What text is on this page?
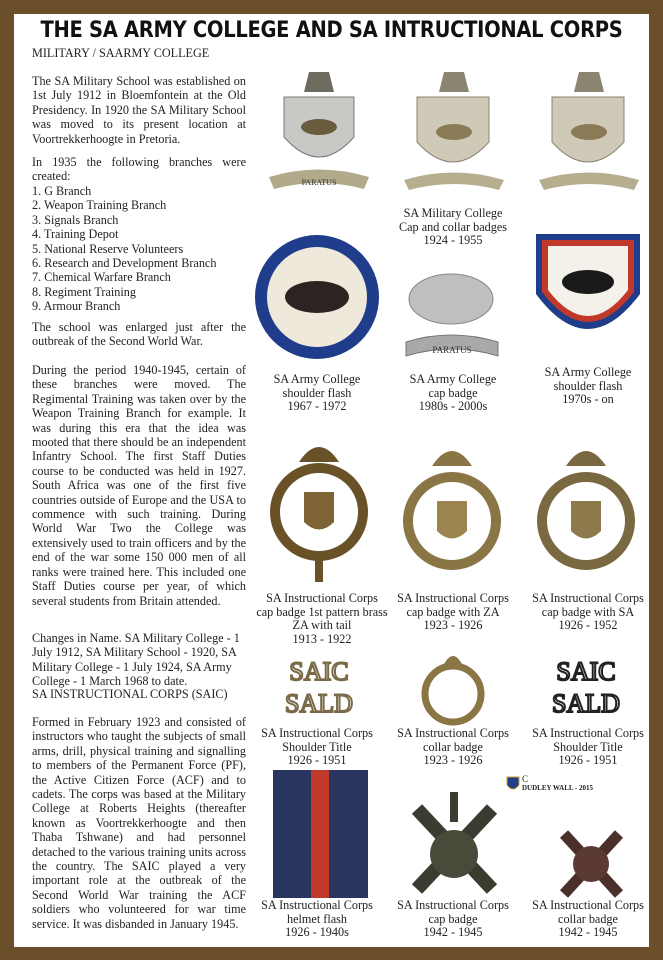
THE SA ARMY COLLEGE AND SA INTRUCTIONAL CORPS
MILITARY / SAARMY COLLEGE
The SA Military School was established on 1st July 1912 in Bloemfontein at the Old Presidency. In 1920 the SA Military School was moved to its present location at Voortrekkerhoogte in Pretoria.
In 1935 the following branches were created:
1. G Branch
2. Weapon Training Branch
3. Signals Branch
4. Training Depot
5. National Reserve Volunteers
6. Research and Development Branch
7. Chemical Warfare Branch
8. Regiment Training
9. Armour Branch
The school was enlarged just after the outbreak of the Second World War.
During the period 1940-1945, certain of these branches were moved. The Regimental Training was taken over by the Weapon Training Branch for example. It was during this era that the idea was mooted that there should be an independent Infantry School. The first Staff Duties course to be conducted was held in 1927. South Africa was one of the first five countries outside of Europe and the USA to commence with such training. During World War Two the College was extensively used to train officers and by the end of the war some 150 000 men of all ranks were trained here. This included one Staff Duties course per year, of which several students from Britain attended.
Changes in Name. SA Military College - 1 July 1912, SA Military School - 1920, SA Military College - 1 July 1924, SA Army College - 1 March 1968 to date.
SA INSTRUCTIONAL CORPS (SAIC)
Formed in February 1923 and consisted of instructors who taught the subjects of small arms, drill, physical training and signalling to members of the Permanent Force (PF), the Active Citizen Force (ACF) and to cadets. The corps was based at the Military College at Roberts Heights (thereafter known as Voortrekkerhoogte and then Thaba Tshwane) and had personnel detached to the various training units across the country. The SAIC played a very important role at the outbreak of the Second World War training the ACF soldiers who volunteered for war time service. It was disbanded in January 1945.
PARATUS
SA Military College
Cap and collar badges
1924 - 1955
PARATUS
SA Army College
shoulder flash
1967 - 1972
SA Army College
cap badge
1980s - 2000s
SA Army College
shoulder flash
1970s - on
SA Instructional Corps
cap badge 1st pattern brass
ZA with tail
1913 - 1922
SA Instructional Corps
cap badge with ZA
1923 - 1926
SA Instructional Corps
cap badge with SA
1926 - 1952
SAIC
SALD
SAIC
SALD
SA Instructional Corps
Shoulder Title
1926 - 1951
SA Instructional Corps
collar badge
1923 - 1926
SA Instructional Corps
Shoulder Title
1926 - 1951
C
DUDLEY WALL - 2015
SA Instructional Corps
helmet flash
1926 - 1940s
SA Instructional Corps
cap badge
1942 - 1945
SA Instructional Corps
collar badge
1942 - 1945
